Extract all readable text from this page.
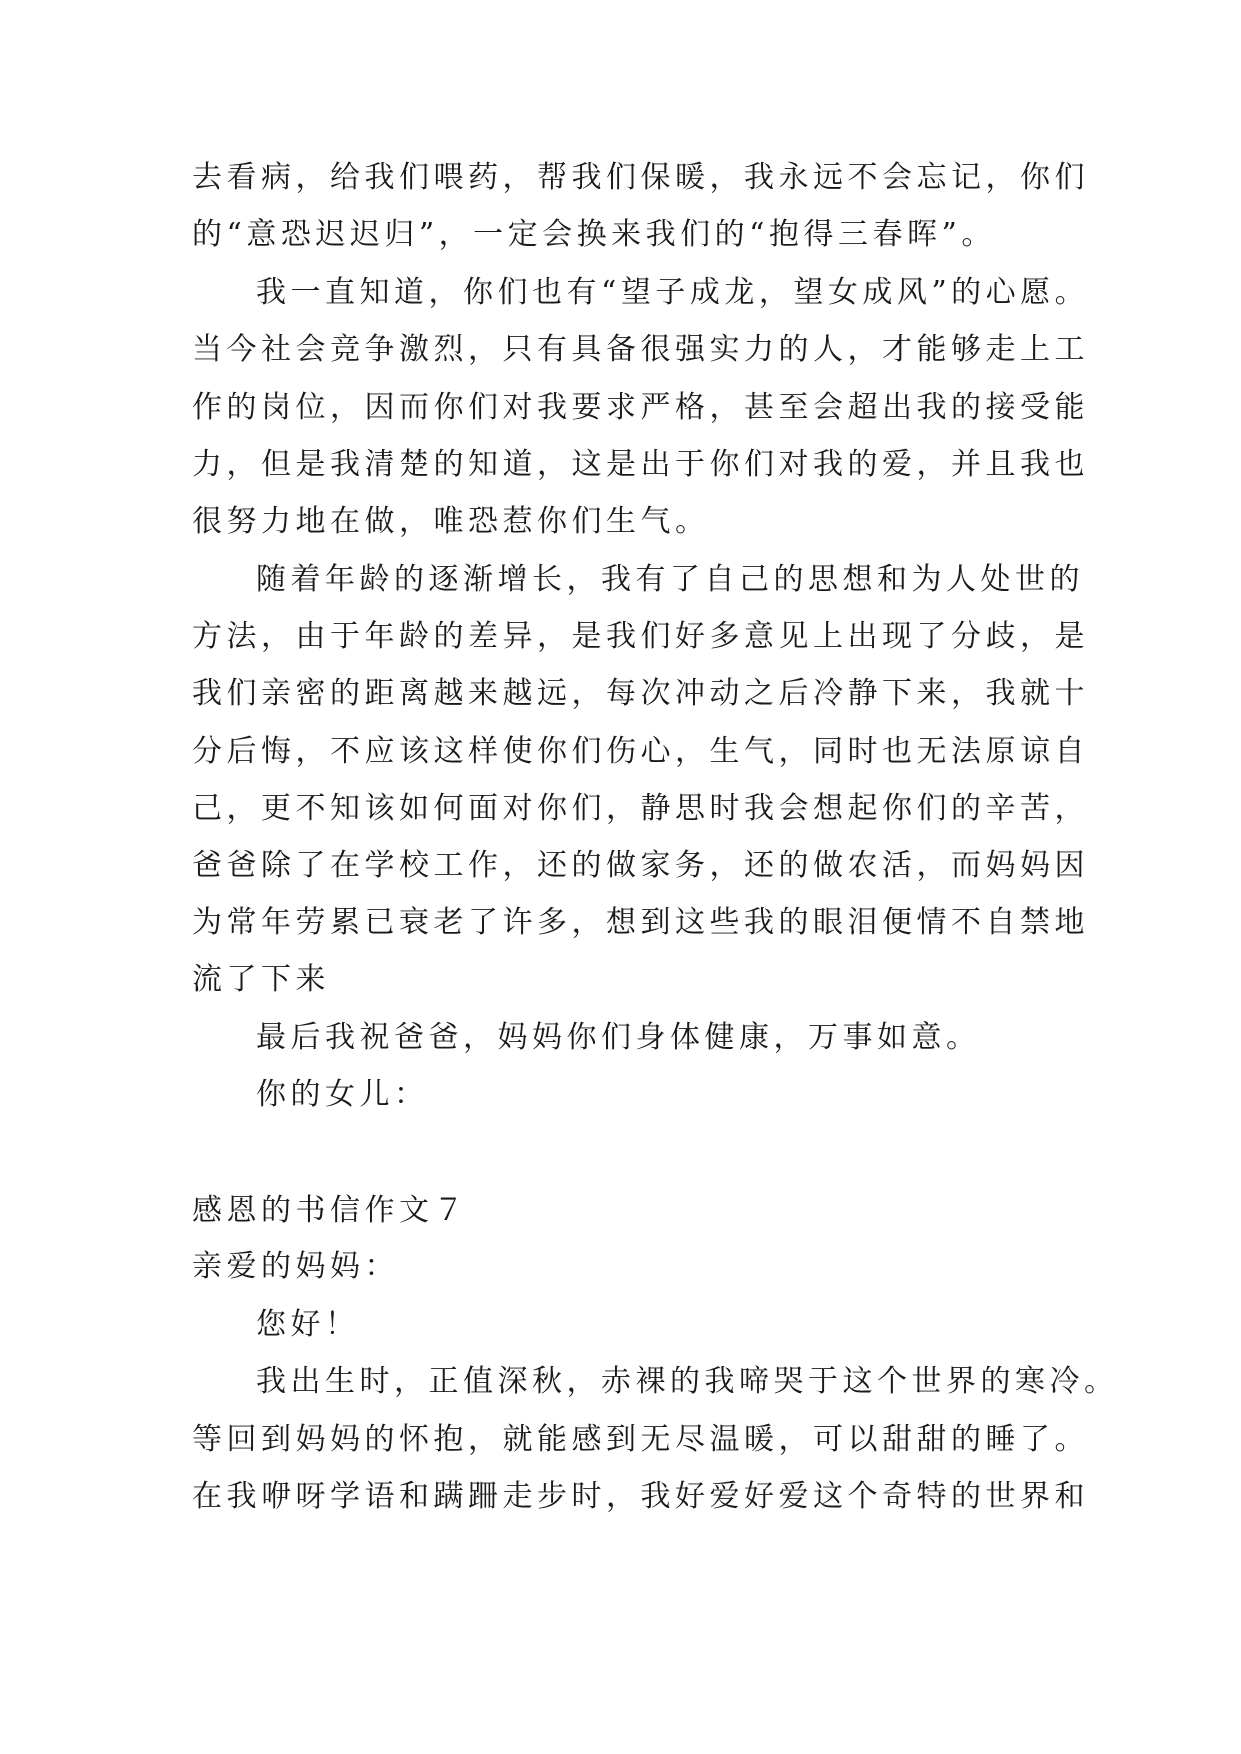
去看病，给我们喂药，帮我们保暖，我永远不会忘记，你们
的“意恐迟迟归”，一定会换来我们的“抱得三春晖”。
我一直知道，你们也有“望子成龙，望女成风”的心愿。
当今社会竞争激烈，只有具备很强实力的人，才能够走上工
作的岗位，因而你们对我要求严格，甚至会超出我的接受能
力，但是我清楚的知道，这是出于你们对我的爱，并且我也
很努力地在做，唯恐惹你们生气。
随着年龄的逐渐增长，我有了自己的思想和为人处世的
方法，由于年龄的差异，是我们好多意见上出现了分歧，是
我们亲密的距离越来越远，每次冲动之后冷静下来，我就十
分后悔，不应该这样使你们伤心，生气，同时也无法原谅自
己，更不知该如何面对你们，静思时我会想起你们的辛苦，
爸爸除了在学校工作，还的做家务，还的做农活，而妈妈因
为常年劳累已衰老了许多，想到这些我的眼泪便情不自禁地
流了下来
最后我祝爸爸，妈妈你们身体健康，万事如意。
你的女儿：
感恩的书信作文７
亲爱的妈妈：
您好！
我出生时，正值深秋，赤裸的我啼哭于这个世界的寒冷。
等回到妈妈的怀抱，就能感到无尽温暖，可以甜甜的睡了。
在我咿呀学语和蹒跚走步时，我好爱好爱这个奇特的世界和
